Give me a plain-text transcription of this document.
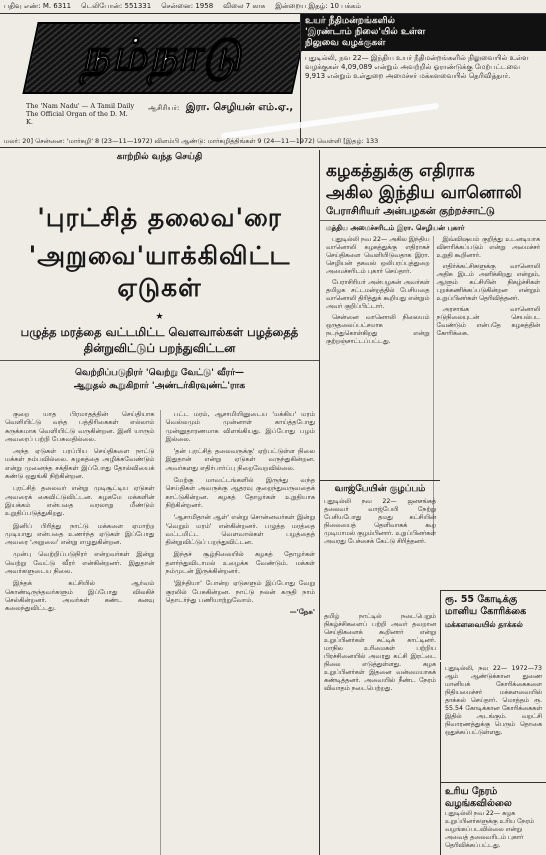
பதிவு எண்: M. 6311 டெலிபோன்: 551331 சென்னை: 1958 விலை 7 காசு இன்றைய இதழ்: 10 பக்கம்
நம்நாடு
The 'Nam Nadu' — A Tamil Daily
The Official Organ of the D. M. K.
ஆசிரியர்: இரா. செழியன் எம்.ஏ.,
உயர் நீதிமன்றங்களில்
'இரண்டாம் நிலை'யில் உள்ள
நிலுவை வழக்குகள்
புதுடில்லி, நவ 22— இந்திய உயர் நீதிமன்றங்களில் நிலுவையில் உள்ள வழக்குகள் 4,09,089 என்றும் அவற்றில் ஓராண்டுக்கு மேற்பட்டவை 9,913 என்றும் உள்துறை அமைச்சர் மக்களவையில் தெரிவித்தார்.
மலர்: 20] சென்னை: 'மார்கழி' 8 (23—11—1972) விளம்பி ஆண்டு: மார்கழித்திங்கள் 9 (24—11—1972) வெள்ளி [இதழ்: 133
காற்றில் வந்த செய்தி
'புரட்சித் தலைவ'ரை
'அறுவை'யாக்கிவிட்ட ஏடுகள்
★
பழுத்த மரத்தை வட்டமிட்ட வௌவால்கள் பழத்தைத் தின்றுவிட்டுப் பறந்துவிட்டன
வெற்றிப்படுநிரர் 'வெற்று வேட்டு' வீரர்—
ஆறுதல் கூறுகிறார் 'அண்டர்கிரவுண்ட்'ராக

குறை யாத பிரமாதத்தின் செய்தியாக வெளியிட்டு வந்த பத்திரிகைகள் எல்லாம் சுருக்கமாக வெளியிட்டு வருகின்றன. இனி யாரும் அவரைப் பற்றி பேசுவதில்லை.

அந்த ஏடுகள் பரப்பிய செய்திகளை நாட்டு மக்கள் நம்பவில்லை. கழகத்தை அழிக்கவேண்டும் என்று முனைந்த சக்திகள் இப்போது தோல்வியைக் கண்டு ஒதுங்கி நிற்கின்றன.

புரட்சித் தலைவர் என்று முடிசூட்டிய ஏடுகள் அவரைக் கைவிட்டுவிட்டன. கழகமே மக்களின் இயக்கம் என்பதை வரலாறு மீண்டும் உறுதிப்படுத்துகிறது.

இனிப் பிரித்து நாட்டு மக்களை ஏமாற்ற முடியாது என்பதை உணர்ந்த ஏடுகள் இப்போது அவரை 'அறுவை' என்று எழுதுகின்றன.

முன்பு வெற்றிப்படுநிரர் என்றவர்கள் இன்று வெற்று வேட்டு வீரர் என்கின்றனர். இதுதான் அவர்களுடைய நிலை.

இந்தக் கட்சியில் ஆர்வம் கொண்டிருந்தவர்களும் இப்போது விலகிச் செல்கின்றனர். அவர்கள் கண்ட கனவு கலைந்துவிட்டது.

பட்ட மரம், ஆசாமியினுடைய 'மக்கிய' மரம் வெல்லமும் முன்னாள் காய்த்தபோது முன்னுதாரணமாக விளங்கியது. இப்போது பழம் இல்லை.

'தன் புரட்சித் தலைவருக்கு' ஏற்பட்டுள்ள நிலை இதுதான் என்று ஏடுகள் வருந்துகின்றன. அவர்களது எதிர்பார்ப்பு நிறைவேறவில்லை.

மேற்கு மாவட்டங்களில் இருந்து வந்த செய்திகள் அவருக்கு ஆதரவு குறைந்துவருவதைக் காட்டுகின்றன. கழகத் தோழர்கள் உறுதியாக நிற்கின்றனர்.

'ஆசாமிதான் ஆள்' என்று சொன்னவர்கள் இன்று 'வெறும் மரம்' என்கின்றனர். பழுத்த மரத்தை வட்டமிட்ட வௌவால்கள் பழத்தைத் தின்றுவிட்டுப் பறந்துவிட்டன.

இந்தச் சூழ்நிலையில் கழகத் தோழர்கள் தளர்ந்துவிடாமல் உழைக்க வேண்டும். மக்கள் நம்முடன் இருக்கின்றனர்.

'இந்தியா' போன்ற ஏடுகளும் இப்போது வேறு குரலில் பேசுகின்றன. நாட்டு நலன் கருதி நாம் தொடர்ந்து பணியாற்றுவோம்.

—'நேசு'
கழகத்துக்கு எதிராக
அகில இந்திய வானொலி
பேராசிரியர் அன்பழகன் குற்றச்சாட்டு
மத்திய அமைச்சரிடம் இரா. செழியன் புகார்

புதுடில்லி நவ 22— அகில இந்திய வானொலி கழகத்துக்கு எதிராகச் செய்திகளை வெளியிடுவதாக இரா. செழியன் தகவல் ஒலிபரப்புத்துறை அமைச்சரிடம் புகார் செய்தார்.

பேராசிரியர் அன்பழகன் அவர்கள் தமிழக சட்டமன்றத்தில் பேசியதை வானொலி திரித்துக் கூறியது என்றும் அவர் குறிப்பிட்டார்.

சென்னை வானொலி நிலையம் ஒருதலைப்பட்சமாக நடந்துகொள்கிறது என்று குற்றஞ்சாட்டப்பட்டது.

இவ்விஷயம் குறித்து உடனடியாக விசாரிக்கப்படும் என்று அமைச்சர் உறுதி கூறினார்.

எதிர்க்கட்சிகளுக்கு வானொலி அதிக இடம் அளிக்கிறது என்றும், ஆளும் கட்சியின் நிகழ்ச்சிகள் புறக்கணிக்கப்படுகின்றன என்றும் உறுப்பினர்கள் தெரிவித்தனர்.

அரசாங்க வானொலி நடுநிலையுடன் செயல்பட வேண்டும் என்பதே கழகத்தின் கோரிக்கை.

வாஜ்பேயின் குழப்பம்
புதுடில்லி நவ 22— ஜனசங்கத் தலைவர் வாஜ்பேயி நேற்று பேசியபோது தமது கட்சியின் நிலையைத் தெளிவாகக் கூற முடியாமல் குழம்பினார். உறுப்பினர்கள் அவரது பேச்சைக் கேட்டு சிரித்தனர்.
தமிழ் நாட்டில் நடைபெறும் நிகழ்ச்சிகளைப் பற்றி அவர் தவறான செய்திகளைக் கூறினார் என்று உறுப்பினர்கள் சுட்டிக் காட்டினர். மாநில உரிமைகள் பற்றிய பிரச்சினையில் அவரது கட்சி இரட்டை நிலை எடுத்துள்ளது. கழக உறுப்பினர்கள் இதனை வன்மையாகக் கண்டித்தனர். அவையில் நீண்ட நேரம் விவாதம் நடைபெற்றது.
ரூ. 55 கோடிக்கு மானிய கோரிக்கை
மக்களவையில் தாக்கல்
புதுடில்லி, நவ 22— 1972—73 ஆம் ஆண்டுக்கான துணை மானியக் கோரிக்கைகளை நிதியமைச்சர் மக்களவையில் தாக்கல் செய்தார். மொத்தம் ரூ. 55.54 கோடிக்கான கோரிக்கைகள் இதில் அடங்கும். வறட்சி நிவாரணத்துக்கு பெரும் தொகை ஒதுக்கப்பட்டுள்ளது.
உரிய நேரம் வழங்கவில்லை
புதுடில்லி நவ 22— கழக உறுப்பினர்களுக்கு உரிய நேரம் வழங்கப்படவில்லை என்று அவைத் தலைவரிடம் புகார் தெரிவிக்கப்பட்டது.
